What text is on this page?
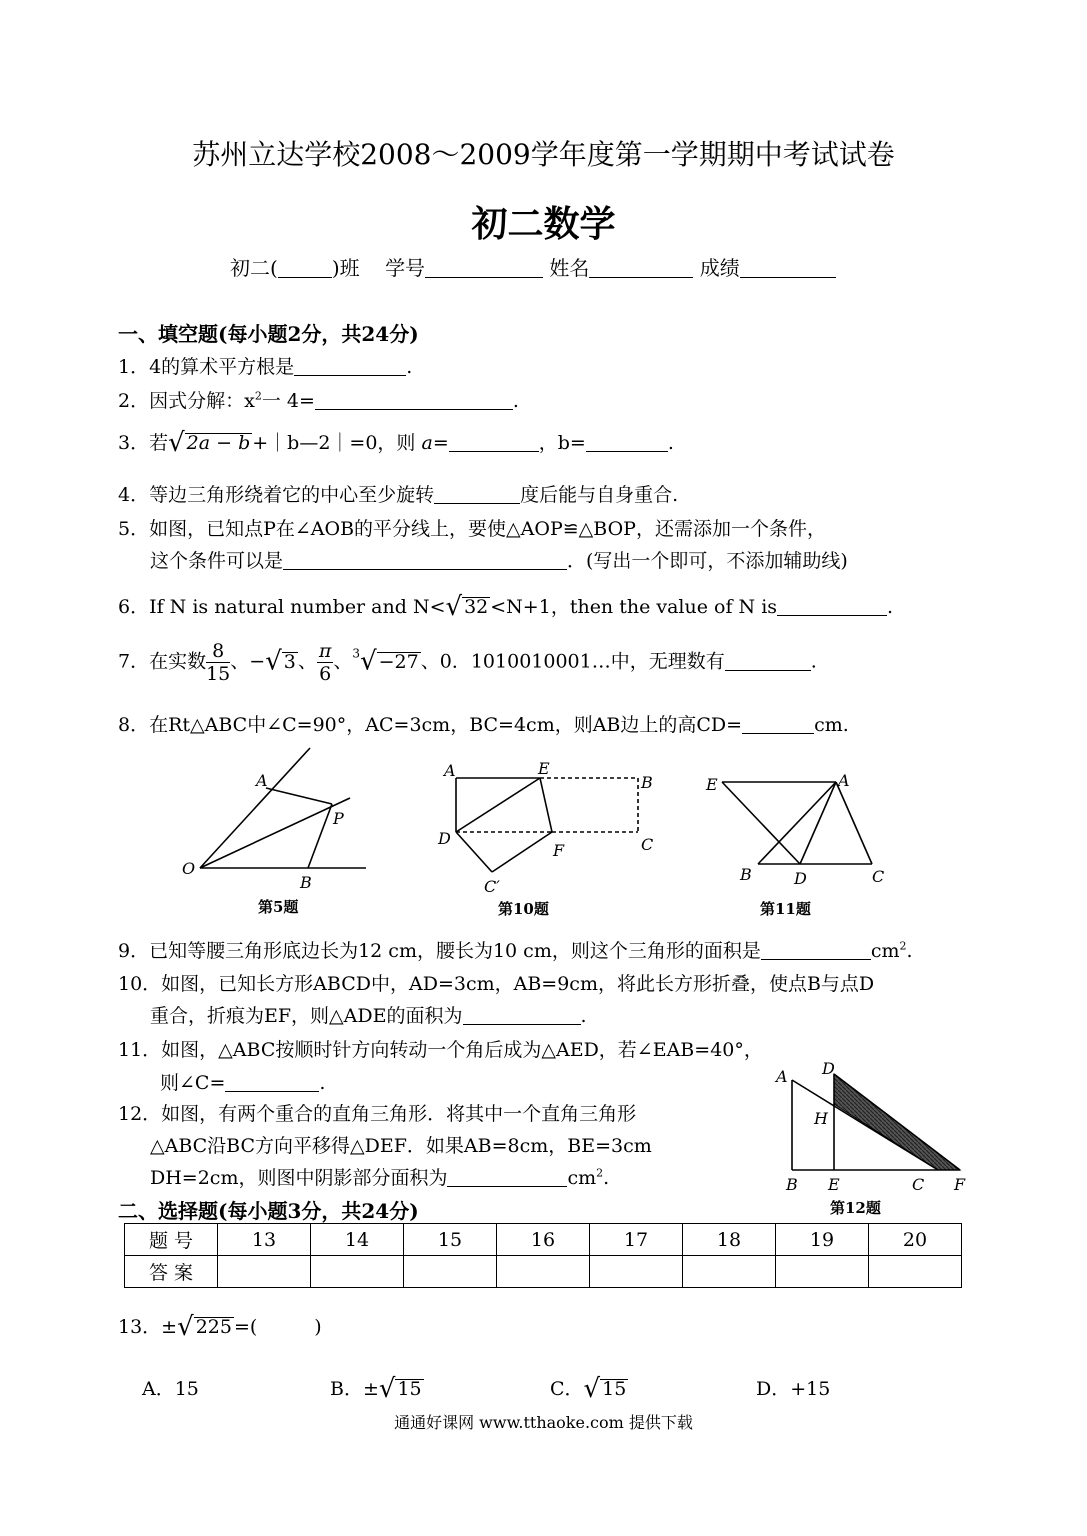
苏州立达学校2008～2009学年度第一学期期中考试试卷
初二数学
初二(	)班 学号	姓名	成绩
一、填空题(每小题2分，共24分)
1．4的算术平方根是	.
2．因式分解：$x^2$一 4=	.
3．若√ 2a − b +｜b—2｜=0，则 a=	，b=	.
4．等边三角形绕着它的中心至少旋转	度后能与自身重合.
5．如图，已知点P在∠AOB的平分线上，要使△AOP≌△BOP，还需添加一个条件，
这个条件可以是	．(写出一个即可，不添加辅助线)
6．If N is natural number and N<√ 32 <N+1，then the value of N is	.
7．在实数 $\frac{8}{15}$ 、−√ 3 、 $\frac{\pi}{6}$ 、$^3$√ −27 、0．1010010001…中，无理数有	.
8．在Rt△ABC中∠C=90°，AC=3cm，BC=4cm，则AB边上的高CD=	cm.
A
P
O
B
第5题
A	E
B
D
F	C
C′
第10题
E	A
B	D	C
第11题
9．已知等腰三角形底边长为12 cm，腰长为10 cm，则这个三角形的面积是	$cm^2$.
10．如图，已知长方形ABCD中，AD=3cm，AB=9cm，将此长方形折叠，使点B与点D
重合，折痕为EF，则△ADE的面积为	.
11．如图，△ABC按顺时针方向转动一个角后成为△AED，若∠EAB=40°，
则∠C=	.
12．如图，有两个重合的直角三角形．将其中一个直角三角形
△ABC沿BC方向平移得△DEF．如果AB=8cm，BE=3cm
DH=2cm，则图中阴影部分面积为	$cm^2$.
A D
H
B E	C F
第12题
二、选择题(每小题3分，共24分)
题 号	13	14	15	16	17	18	19	20
答 案								
13．±√ 225 =(　　　)
A．15	B．±√ 15	C．√ 15	D．+15
通通好课网 www.tthaoke.com 提供下载
